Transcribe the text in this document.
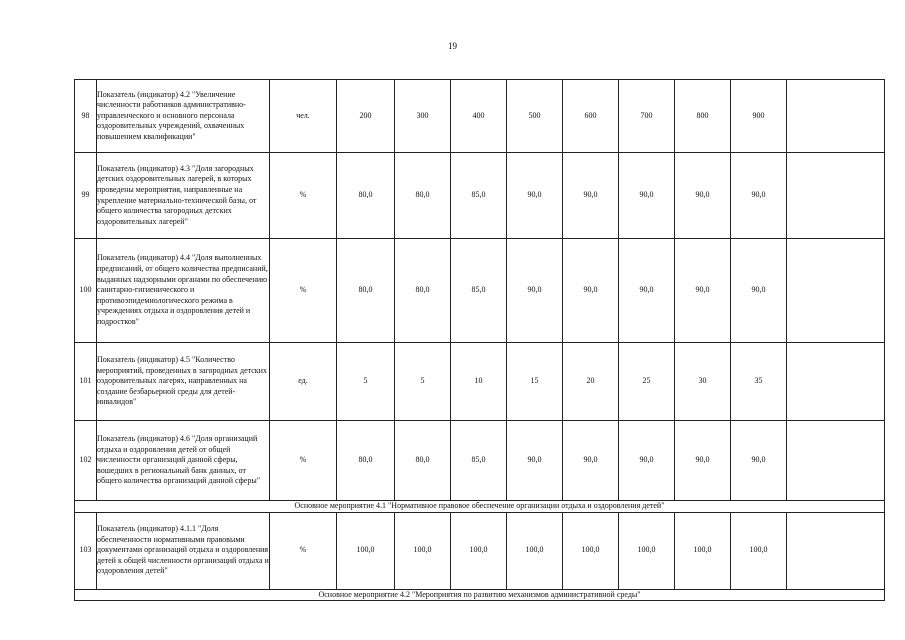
19
98	Показатель (индикатор) 4.2 "Увеличение численности работников административно-управленческого и основного персонала оздоровительных учреждений, охваченных повышением квалификации"	чел.	200	300	400	500	600	700	800	900	
99	Показатель (индикатор) 4.3 "Доля загородных детских оздоровительных лагерей, в которых проведены мероприятия, направленные на укрепление материально-технической базы, от общего количества загородных детских оздоровительных лагерей"	%	80,0	80,0	85,0	90,0	90,0	90,0	90,0	90,0	
100	Показатель (индикатор) 4.4 "Доля выполненных предписаний, от общего количества предписаний, выданных надзорными органами по обеспечению санитарно-гигиенического и противоэпидемиологического режима в учреждениях отдыха и оздоровления детей и подростков"	%	80,0	80,0	85,0	90,0	90,0	90,0	90,0	90,0	
101	Показатель (индикатор) 4.5 "Количество мероприятий, проведенных в загородных детских оздоровительных лагерях, направленных на создание безбарьерной среды для детей-инвалидов"	ед.	5	5	10	15	20	25	30	35	
102	Показатель (индикатор) 4.6 "Доля организаций отдыха и оздоровления детей от общей численности организаций данной сферы, вошедших в региональный банк данных, от общего количества организаций данной сферы"	%	80,0	80,0	85,0	90,0	90,0	90,0	90,0	90,0	
Основное мероприятие 4.1 "Нормативное правовое обеспечение организации отдыха и оздоровления детей"											
103	Показатель (индикатор) 4.1.1 "Доля обеспеченности нормативными правовыми документами организаций отдыха и оздоровления детей к общей численности организаций отдыха и оздоровления детей"	%	100,0	100,0	100,0	100,0	100,0	100,0	100,0	100,0	
Основное мероприятие 4.2 "Мероприятия по развитию механизмов административной среды"											
